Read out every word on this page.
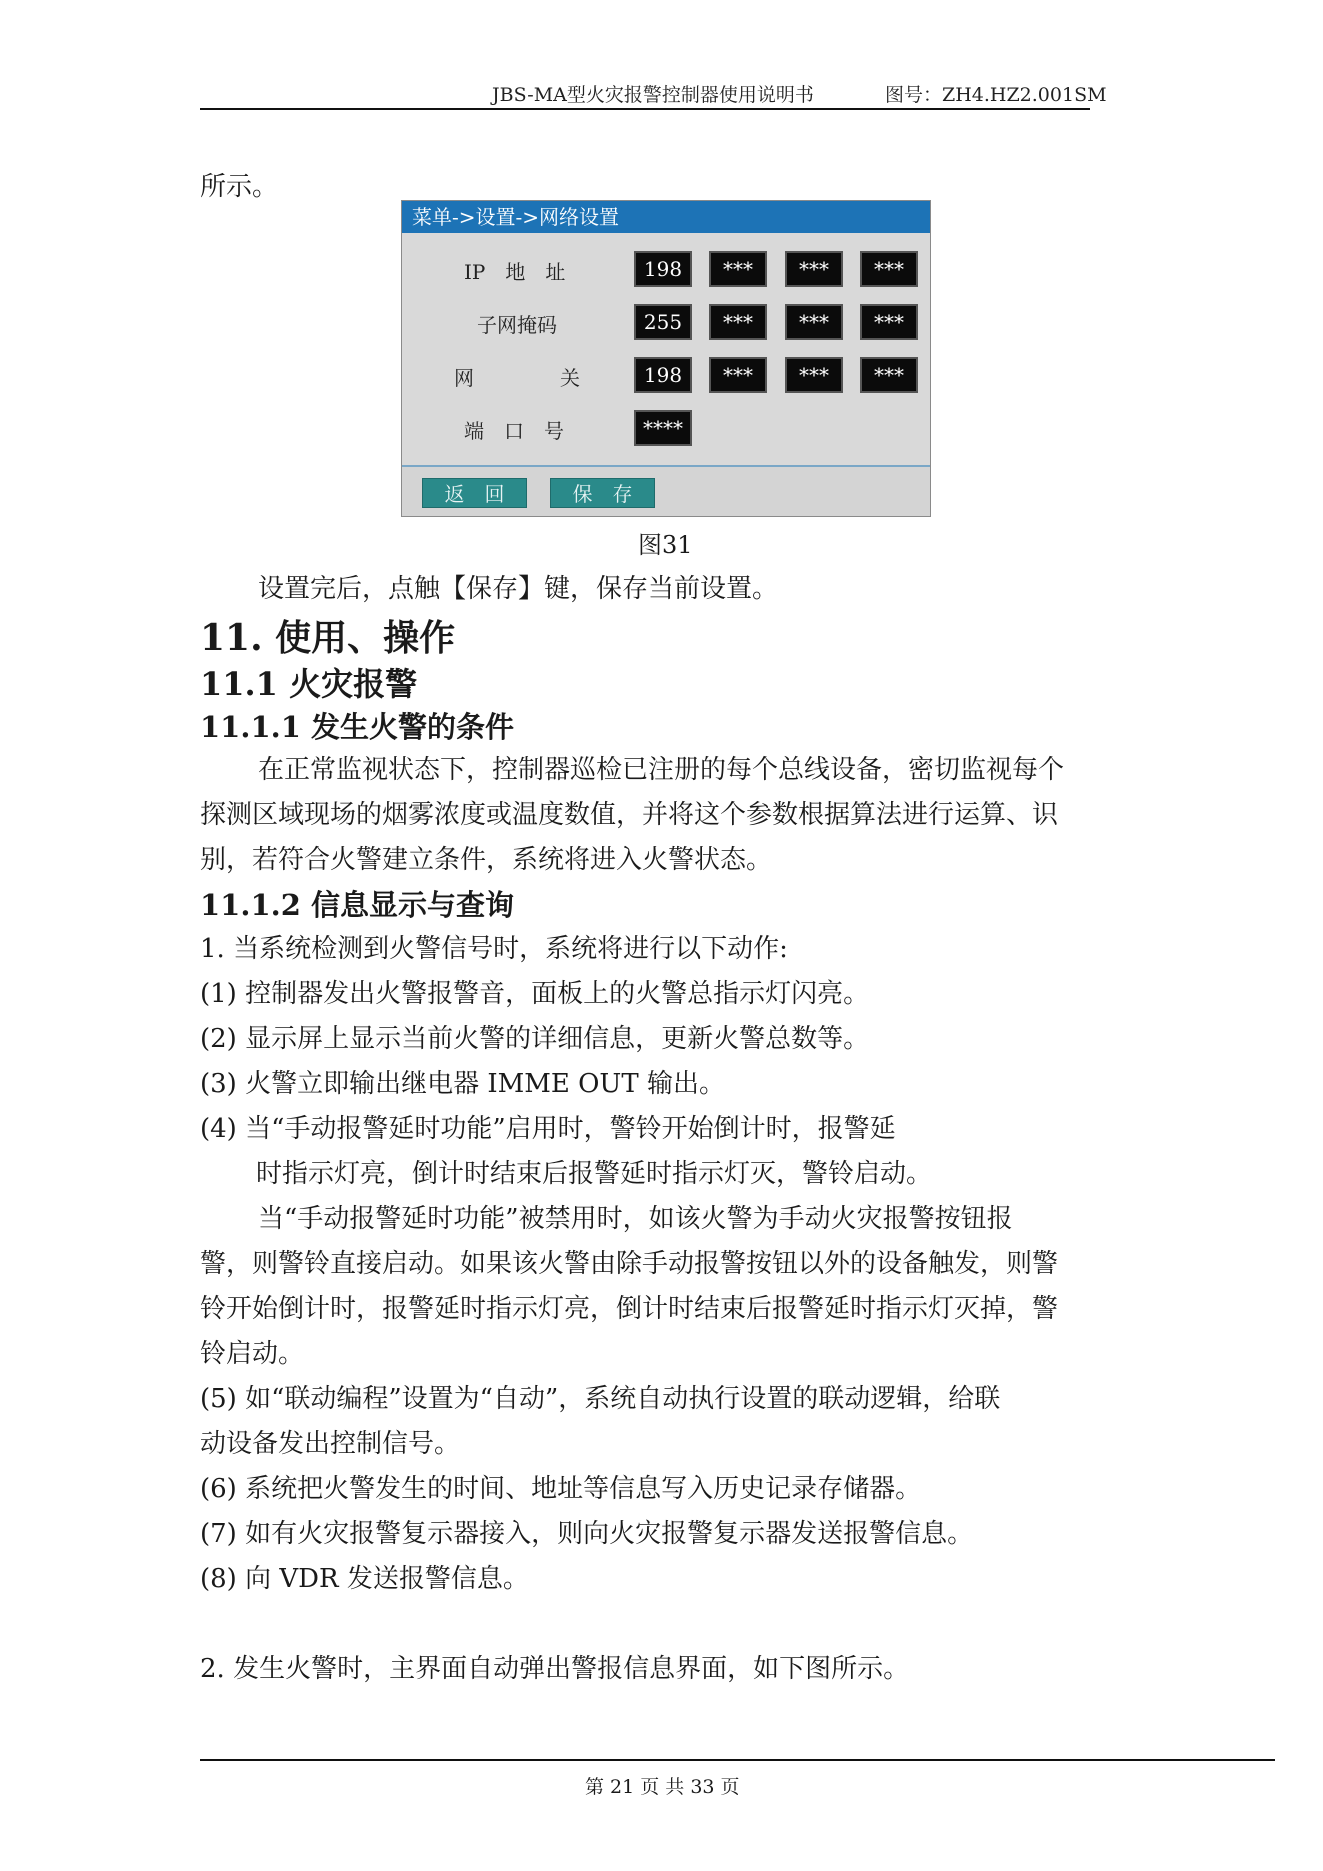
JBS-MA型火灾报警控制器使用说明书	图号：ZH4.HZ2.001SM
所示。
菜单->设置->网络设置
IP　地　址	198	***	***	***
子网掩码	255	***	***	***
网	关	198	***	***	***
端　口　号	****
返　回	保　存
图31
设置完后，点触【保存】键，保存当前设置。
11. 使用、操作
11.1 火灾报警
11.1.1 发生火警的条件
在正常监视状态下，控制器巡检已注册的每个总线设备，密切监视每个
探测区域现场的烟雾浓度或温度数值，并将这个参数根据算法进行运算、识
别，若符合火警建立条件，系统将进入火警状态。
11.1.2 信息显示与查询
1. 当系统检测到火警信号时，系统将进行以下动作:
(1) 控制器发出火警报警音，面板上的火警总指示灯闪亮。
(2) 显示屏上显示当前火警的详细信息，更新火警总数等。
(3) 火警立即输出继电器 IMME OUT 输出。
(4) 当“手动报警延时功能”启用时，警铃开始倒计时，报警延
时指示灯亮，倒计时结束后报警延时指示灯灭，警铃启动。
当“手动报警延时功能”被禁用时，如该火警为手动火灾报警按钮报
警，则警铃直接启动。如果该火警由除手动报警按钮以外的设备触发，则警
铃开始倒计时，报警延时指示灯亮，倒计时结束后报警延时指示灯灭掉，警
铃启动。
(5) 如“联动编程”设置为“自动”，系统自动执行设置的联动逻辑，给联
动设备发出控制信号。
(6) 系统把火警发生的时间、地址等信息写入历史记录存储器。
(7) 如有火灾报警复示器接入，则向火灾报警复示器发送报警信息。
(8) 向 VDR 发送报警信息。
2. 发生火警时，主界面自动弹出警报信息界面，如下图所示。
第 21 页 共 33 页
